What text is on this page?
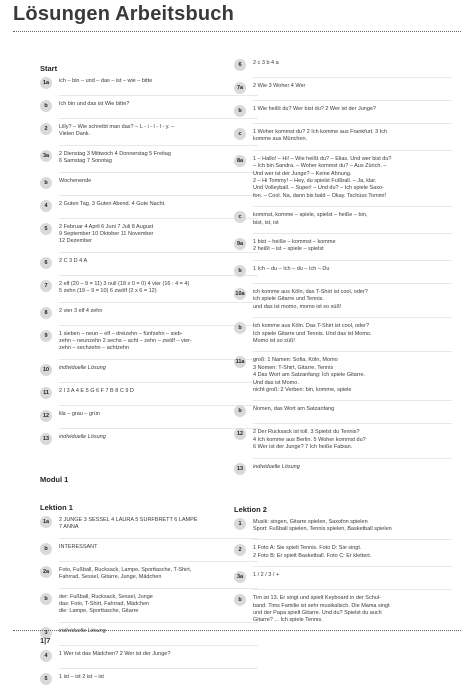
Lösungen Arbeitsbuch
Start
1a	ich – bin – und – das – ist – wie – bitte
b	Ich bin und das ist Wie bitte?
2	Lilly? – Wie schreibt man das? – L - i - l - l - y. –
Vielen Dank.
3a	2 Dienstag 3 Mittwoch 4 Donnerstag 5 Freitag
6 Samstag 7 Sonntag
b	Wochenende
4	2 Guten Tag. 3 Guten Abend. 4 Gute Nacht.
5	2 Februar 4 April 6 Juni 7 Juli 8 August
9 September 10 Oktober 11 November
12 Dezember
6	2 C 3 D 4 A
7	2 elf (20 – 9 = 11) 3 null (18 x 0 = 0) 4 vier (16 : 4 = 4)
5 zehn (19 – 9 = 10) 6 zwölf (2 x 6 = 12)
8	2 vier 3 elf 4 zehn
9	1 sieben – neun – elf – dreizehn – fünfzehn – sieb-
zehn – neunzehn 2 sechs – acht – zehn – zwölf – vier-
zehn – sechzehn – achtzehn
10	individuelle Lösung
11	2 I 3 A 4 E 5 G 6 F 7 B 8 C 9 D
12	lila – grau – grün
13	individuelle Lösung
Modul 1
Lektion 1
1a	2 JUNGE 3 SESSEL 4 LAURA 5 SURFBRETT 6 LAMPE
7 ANNA
b	INTERESSANT
2a	Foto, Fußball, Rucksack, Lampe, Sporttasche, T-Shirt,
Fahrrad, Sessel, Gitarre, Junge, Mädchen
b	der: Fußball, Rucksack, Sessel, Junge
das: Foto, T-Shirt, Fahrrad, Mädchen
die: Lampe, Sporttasche, Gitarre
3	individuelle Lösung
4	1 Wer ist das Mädchen? 2 Wer ist der Junge?
5	1 ist – ist 2 ist – ist
6	2 c 3 b 4 a
7a	2 Wie 3 Woher 4 Wer
b	1 Wie heißt du? Wer bist du? 2 Wer ist der Junge?
c	1 Woher kommst du? 2 Ich komme aus Frankfurt. 3 Ich
komme aus München.
8a	1 – Hallo! – Hi! – Wie heißt du? – Elias. Und wer bist du?
– Ich bin Sandra. – Woher kommst du? – Aus Zürich. –
Und wer ist der Junge? – Keine Ahnung.
2 – Hi Tommy! – Hey, du spielst Fußball. – Ja, klar.
Und Volleyball. – Super! – Und du? – Ich spiele Saxo-
fon. – Cool. Na, dann bis bald – Okay. Tschüss Tommi!
c	kommst, komme – spiele, spielst – heiße – bin,
bist, ist, ist
9a	1 bist – heiße – kommst – komme
2 heißt – ist – spiele – spielst
b	1 Ich – du – Ich – du – Ich – Du
10a ich komme aus Köln, das T-Shirt ist cool, oder?
ich spiele Gitarre und Tennis.
und das ist momo, momo ist so süß!
b	Ich komme aus Köln. Das T-Shirt ist cool, oder?
Ich spiele Gitarre und Tennis. Und das ist Momo.
Momo ist so süß!
11a groß: 1 Namen: Sofia, Köln, Momo
3 Nomen: T-Shirt, Gitarre, Tennis
4 Das Wort am Satzanfang: Ich spiele Gitarre.
Und das ist Momo.
nicht groß: 2 Verben: bin, komme, spiele
b	Nomen, das Wort am Satzanfang
12	2 Der Rucksack ist toll. 3 Spielst du Tennis?
4 Ich komme aus Berlin. 5 Woher kommst du?
6 Wer ist der Junge? 7 Ich heiße Fabian.
13	individuelle Lösung
Lektion 2
1	Musik: singen, Gitarre spielen, Saxofon spielen
Sport: Fußball spielen, Tennis spielen, Basketball spielen
2	1 Foto A: Sie spielt Tennis. Foto D: Sie singt.
2 Foto B: Er spielt Basketball. Foto C: Er klettert.
3a	1 / 2 / 3 / +
b	Tim ist 13. Er singt und spielt Keyboard in der Schul-
band. Tims Familie ist sehr musikalisch. Die Mama singt
und der Papa spielt Gitarre. Und du? Spielst du auch
Gitarre? ... Ich spiele Tennis.
1|7
